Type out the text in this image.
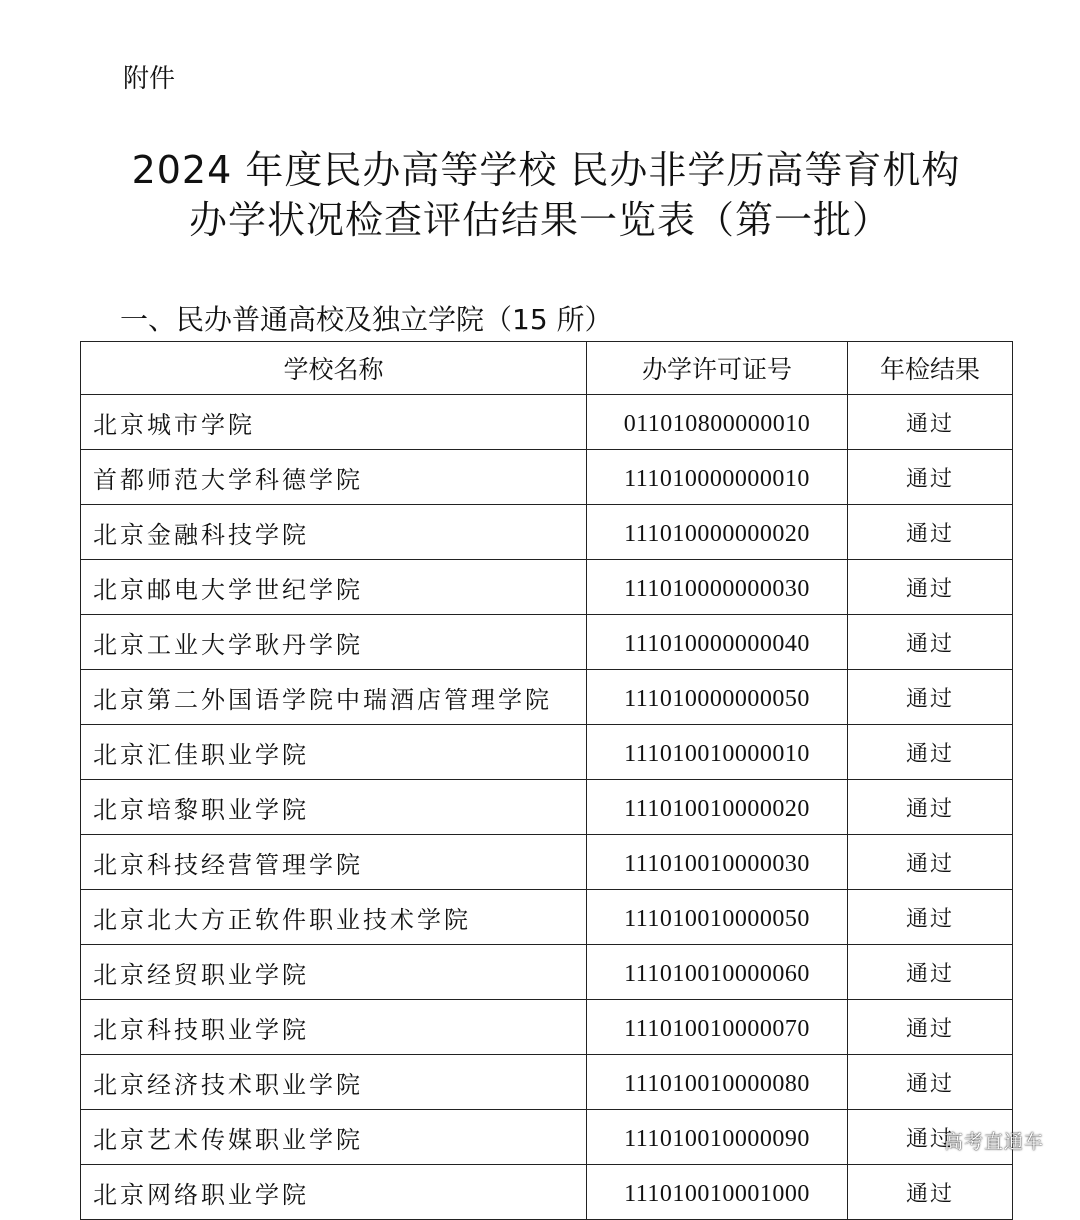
附件
2024 年度民办高等学校 民办非学历高等育机构
办学状况检查评估结果一览表（第一批）
一、民办普通高校及独立学院（15 所）
学校名称	办学许可证号	年检结果
北京城市学院	011010800000010	通过
首都师范大学科德学院	111010000000010	通过
北京金融科技学院	111010000000020	通过
北京邮电大学世纪学院	111010000000030	通过
北京工业大学耿丹学院	111010000000040	通过
北京第二外国语学院中瑞酒店管理学院	111010000000050	通过
北京汇佳职业学院	111010010000010	通过
北京培黎职业学院	111010010000020	通过
北京科技经营管理学院	111010010000030	通过
北京北大方正软件职业技术学院	111010010000050	通过
北京经贸职业学院	111010010000060	通过
北京科技职业学院	111010010000070	通过
北京经济技术职业学院	111010010000080	通过
北京艺术传媒职业学院	111010010000090	通过
北京网络职业学院	111010010001000	通过
高考直通车
